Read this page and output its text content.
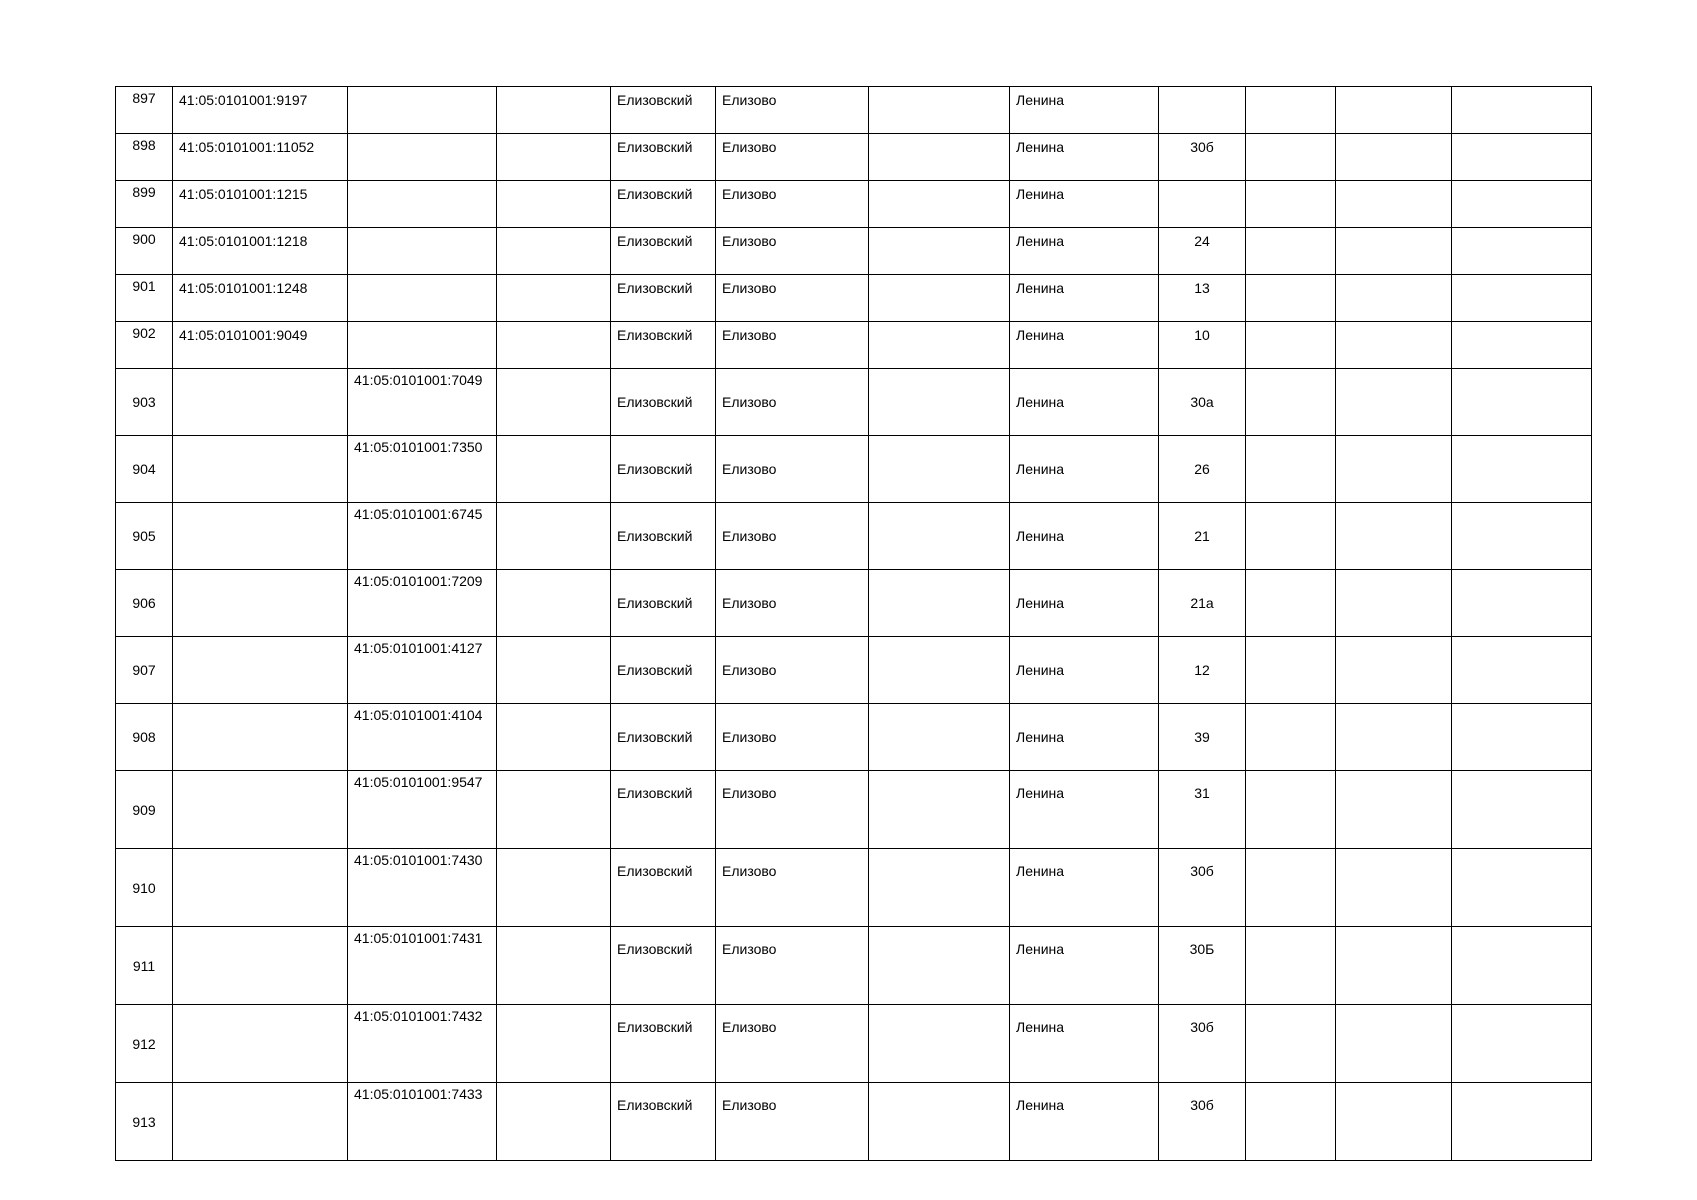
897	41:05:0101001:9197			Елизовский	Елизово		Ленина				
898	41:05:0101001:11052			Елизовский	Елизово		Ленина	30б			
899	41:05:0101001:1215			Елизовский	Елизово		Ленина				
900	41:05:0101001:1218			Елизовский	Елизово		Ленина	24			
901	41:05:0101001:1248			Елизовский	Елизово		Ленина	13			
902	41:05:0101001:9049			Елизовский	Елизово		Ленина	10			
903		41:05:0101001:7049		Елизовский	Елизово		Ленина	30а			
904		41:05:0101001:7350		Елизовский	Елизово		Ленина	26			
905		41:05:0101001:6745		Елизовский	Елизово		Ленина	21			
906		41:05:0101001:7209		Елизовский	Елизово		Ленина	21а			
907		41:05:0101001:4127		Елизовский	Елизово		Ленина	12			
908		41:05:0101001:4104		Елизовский	Елизово		Ленина	39			
909		41:05:0101001:9547		Елизовский	Елизово		Ленина	31			
910		41:05:0101001:7430		Елизовский	Елизово		Ленина	30б			
911		41:05:0101001:7431		Елизовский	Елизово		Ленина	30Б			
912		41:05:0101001:7432		Елизовский	Елизово		Ленина	30б			
913		41:05:0101001:7433		Елизовский	Елизово		Ленина	30б			
